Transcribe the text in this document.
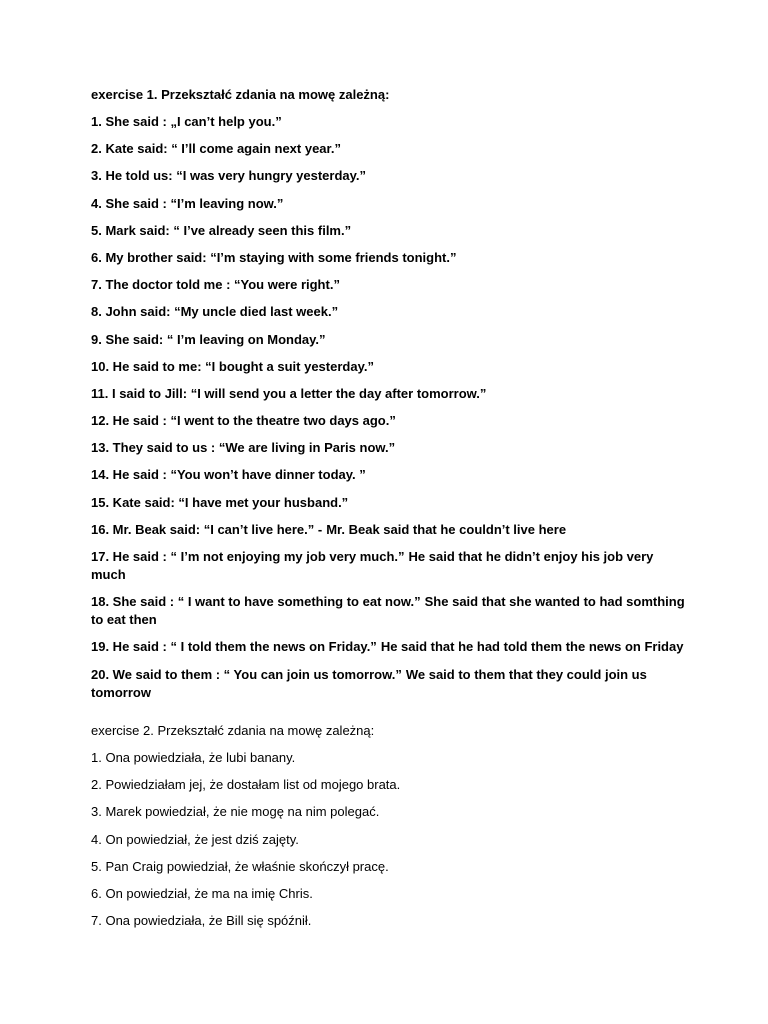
exercise 1. Przekształć zdania na mowę zależną:
1. She said : „I can’t help you.”
2. Kate said: “ I’ll come again next year.”
3. He told us: “I was very hungry yesterday.”
4. She said : “I’m leaving now.”
5. Mark said: “ I’ve already seen this film.”
6. My brother said: “I’m staying with some friends tonight.”
7. The doctor told me : “You were right.”
8. John said: “My uncle died last week.”
9. She said: “ I’m leaving on Monday.”
10. He said to me: “I bought a suit yesterday.”
11. I said to Jill: “I will send you a letter the day after tomorrow.”
12. He said : “I went to the theatre two days ago.”
13. They said to us : “We are living in Paris now.”
14. He said : “You won’t have dinner today. ”
15. Kate said: “I have met your husband.”
16. Mr. Beak said: “I can’t live here.” - Mr. Beak said that he couldn’t live here
17. He said : “ I’m not enjoying my job very much.” He said that he didn’t enjoy his job very much
18. She said : “ I want to have something to eat now.” She said that she wanted to had somthing to eat then
19. He said : “ I told them the news on Friday.” He said that he had told them the news on Friday
20. We said to them : “ You can join us tomorrow.” We said to them that they could join us tomorrow
exercise 2. Przekształć zdania na mowę zależną:
1. Ona powiedziała, że lubi banany.
2. Powiedziałam jej, że dostałam list od mojego brata.
3. Marek powiedział, że nie mogę na nim polegać.
4. On powiedział, że jest dziś zajęty.
5. Pan Craig powiedział, że właśnie skończył pracę.
6. On powiedział, że ma na imię Chris.
7. Ona powiedziała, że Bill się spóźnił.
